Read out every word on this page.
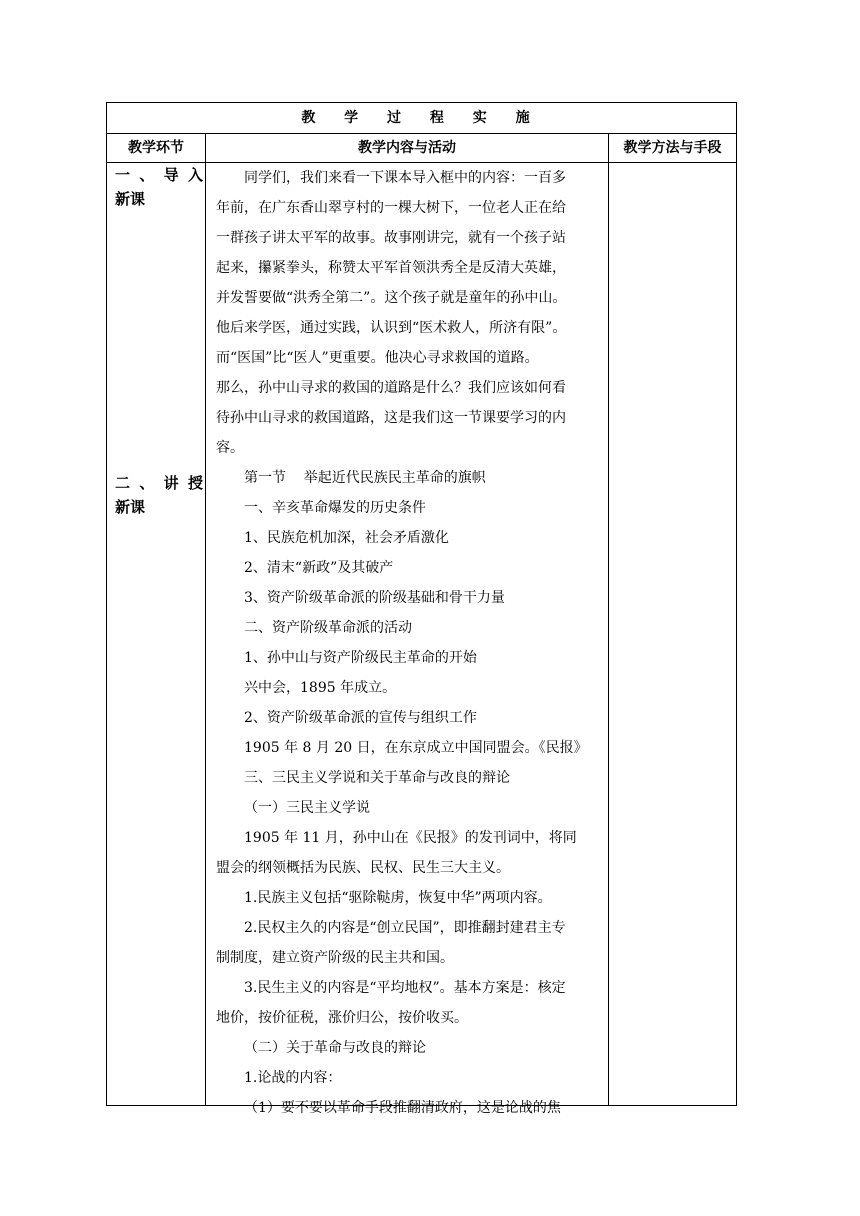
教 学 过 程 实 施
教学环节	教学内容与活动	教学方法与手段
一、导入
新课
二、讲授
新课

同学们，我们来看一下课本导入框中的内容：一百多

年前，在广东香山翠亨村的一棵大树下，一位老人正在给

一群孩子讲太平军的故事。故事刚讲完，就有一个孩子站

起来，攥紧拳头，称赞太平军首领洪秀全是反清大英雄，

并发誓要做“洪秀全第二”。这个孩子就是童年的孙中山。

他后来学医，通过实践，认识到“医术救人，所济有限”。

而“医国”比“医人”更重要。他决心寻求救国的道路。

那么，孙中山寻求的救国的道路是什么？我们应该如何看

待孙中山寻求的救国道路，这是我们这一节课要学习的内

容。

第一节    举起近代民族民主革命的旗帜

一、辛亥革命爆发的历史条件

1、民族危机加深，社会矛盾激化

2、清末“新政”及其破产

3、资产阶级革命派的阶级基础和骨干力量

二、资产阶级革命派的活动

1、孙中山与资产阶级民主革命的开始

兴中会，1895 年成立。

2、资产阶级革命派的宣传与组织工作

1905 年 8 月 20 日，在东京成立中国同盟会。《民报》

三、三民主义学说和关于革命与改良的辩论

（一）三民主义学说

1905 年 11 月，孙中山在《民报》的发刊词中，将同

盟会的纲领概括为民族、民权、民生三大主义。

1.民族主义包括“驱除鞑虏，恢复中华”两项内容。

2.民权主久的内容是“创立民国”，即推翻封建君主专

制制度，建立资产阶级的民主共和国。

3.民生主义的内容是“平均地权”。基本方案是：核定

地价，按价征税，涨价归公，按价收买。

（二）关于革命与改良的辩论

1.论战的内容：

（1）要不要以革命手段推翻清政府，这是论战的焦
